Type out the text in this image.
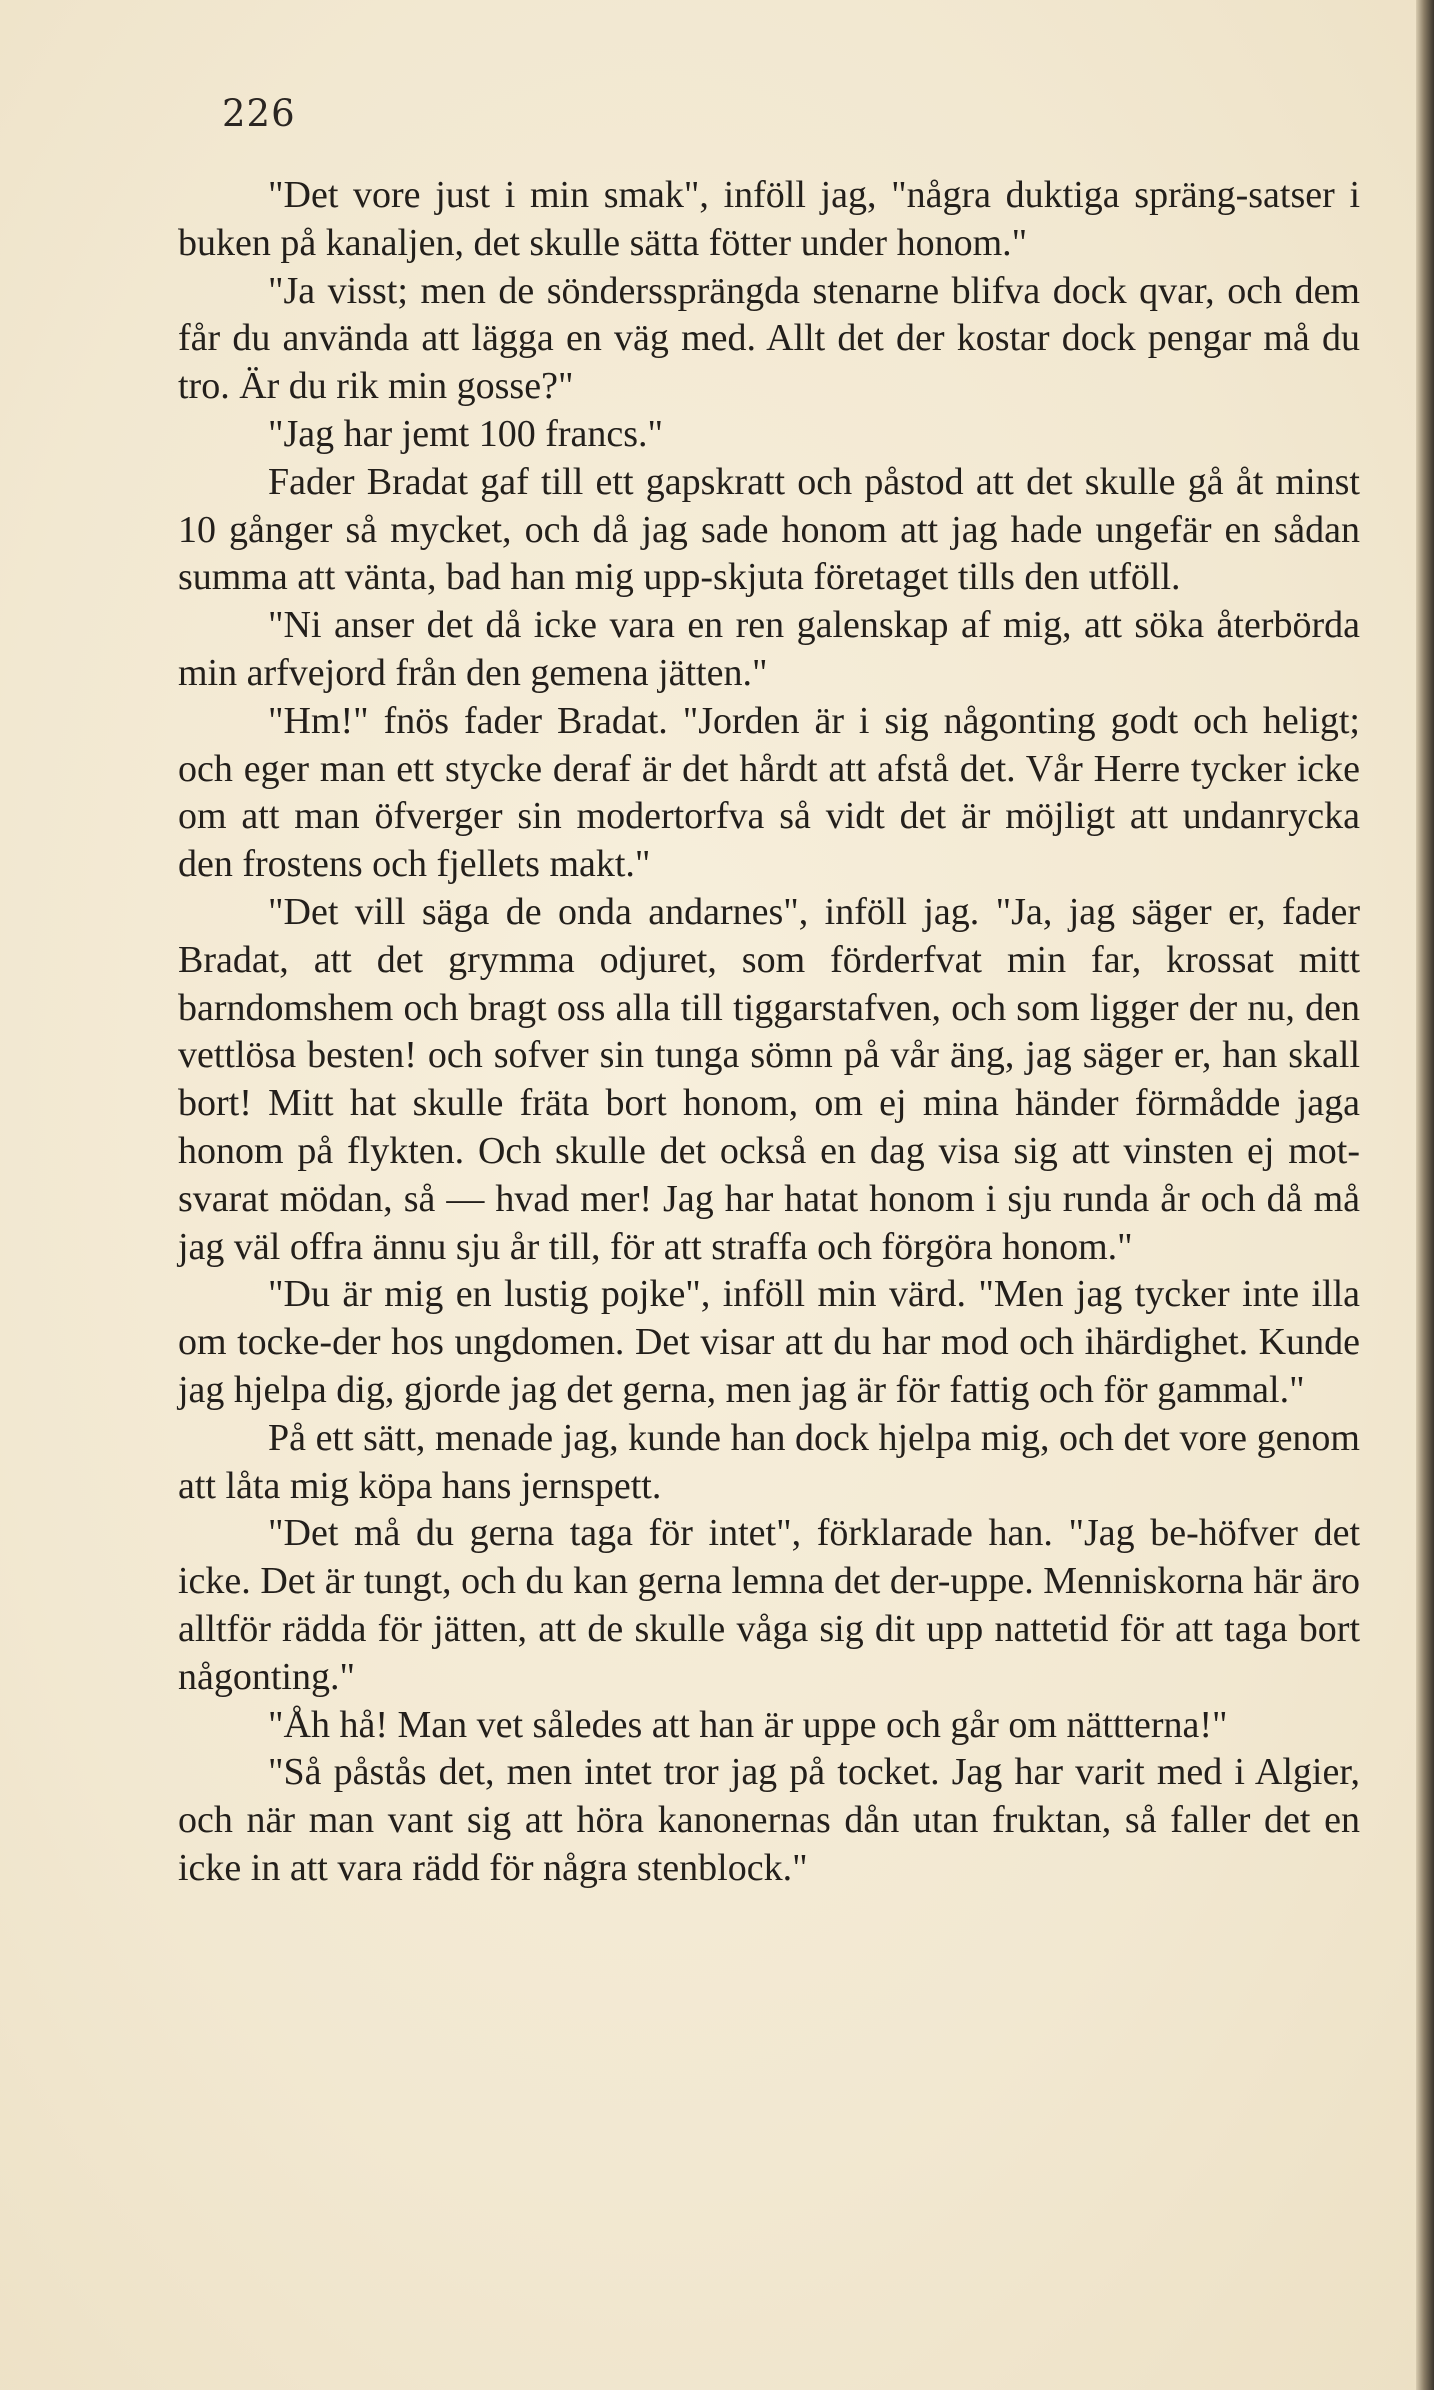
226

"Det vore just i min smak", inföll jag, "några duktiga spräng-satser i buken på kanaljen, det skulle sätta fötter under honom."

"Ja visst; men de sönderssprängda stenarne blifva dock qvar, och dem får du använda att lägga en väg med. Allt det der kostar dock pengar må du tro. Är du rik min gosse?"

"Jag har jemt 100 francs."

Fader Bradat gaf till ett gapskratt och påstod att det skulle gå åt minst 10 gånger så mycket, och då jag sade honom att jag hade ungefär en sådan summa att vänta, bad han mig upp-skjuta företaget tills den utföll.

"Ni anser det då icke vara en ren galenskap af mig, att söka återbörda min arfvejord från den gemena jätten."

"Hm!" fnös fader Bradat. "Jorden är i sig någonting godt och heligt; och eger man ett stycke deraf är det hårdt att afstå det. Vår Herre tycker icke om att man öfverger sin modertorfva så vidt det är möjligt att undanrycka den frostens och fjellets makt."

"Det vill säga de onda andarnes", inföll jag. "Ja, jag säger er, fader Bradat, att det grymma odjuret, som förderfvat min far, krossat mitt barndomshem och bragt oss alla till tiggarstafven, och som ligger der nu, den vettlösa besten! och sofver sin tunga sömn på vår äng, jag säger er, han skall bort! Mitt hat skulle fräta bort honom, om ej mina händer förmådde jaga honom på flykten. Och skulle det också en dag visa sig att vinsten ej mot-svarat mödan, så — hvad mer! Jag har hatat honom i sju runda år och då må jag väl offra ännu sju år till, för att straffa och förgöra honom."

"Du är mig en lustig pojke", inföll min värd. "Men jag tycker inte illa om tocke-der hos ungdomen. Det visar att du har mod och ihärdighet. Kunde jag hjelpa dig, gjorde jag det gerna, men jag är för fattig och för gammal."

På ett sätt, menade jag, kunde han dock hjelpa mig, och det vore genom att låta mig köpa hans jernspett.

"Det må du gerna taga för intet", förklarade han. "Jag be-höfver det icke. Det är tungt, och du kan gerna lemna det der-uppe. Menniskorna här äro alltför rädda för jätten, att de skulle våga sig dit upp nattetid för att taga bort någonting."

"Åh hå! Man vet således att han är uppe och går om nättterna!"

"Så påstås det, men intet tror jag på tocket. Jag har varit med i Algier, och när man vant sig att höra kanonernas dån utan fruktan, så faller det en icke in att vara rädd för några stenblock."
